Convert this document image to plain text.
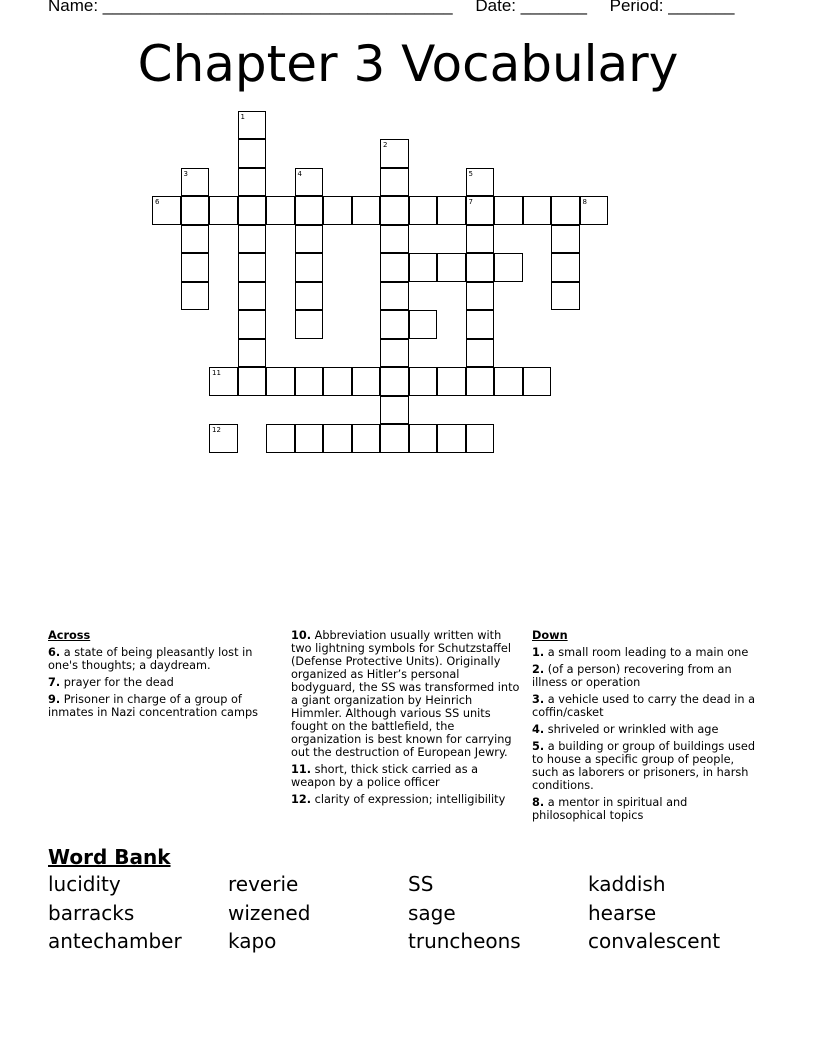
Name: _____________________________________ Date: _______ Period: _______
Chapter 3 Vocabulary
1
2
3	4	5
7
6	8
11
12
Across
6. a state of being pleasantly lost in one's thoughts; a daydream.
7. prayer for the dead
9. Prisoner in charge of a group of inmates in Nazi concentration camps
10. Abbreviation usually written with two lightning symbols for Schutzstaffel (Defense Protective Units). Originally organized as Hitler’s personal bodyguard, the SS was transformed into a giant organization by Heinrich Himmler. Although various SS units fought on the battlefield, the organization is best known for carrying out the destruction of European Jewry.
11. short, thick stick carried as a weapon by a police officer
12. clarity of expression; intelligibility
Down
1. a small room leading to a main one
2. (of a person) recovering from an illness or operation
3. a vehicle used to carry the dead in a coffin/casket
4. shriveled or wrinkled with age
5. a building or group of buildings used to house a specific group of people, such as laborers or prisoners, in harsh conditions.
8. a mentor in spiritual and philosophical topics
Word Bank
lucidity	reverie	SS	kaddish
barracks	wizened	sage	hearse
antechamber	kapo	truncheons	convalescent
